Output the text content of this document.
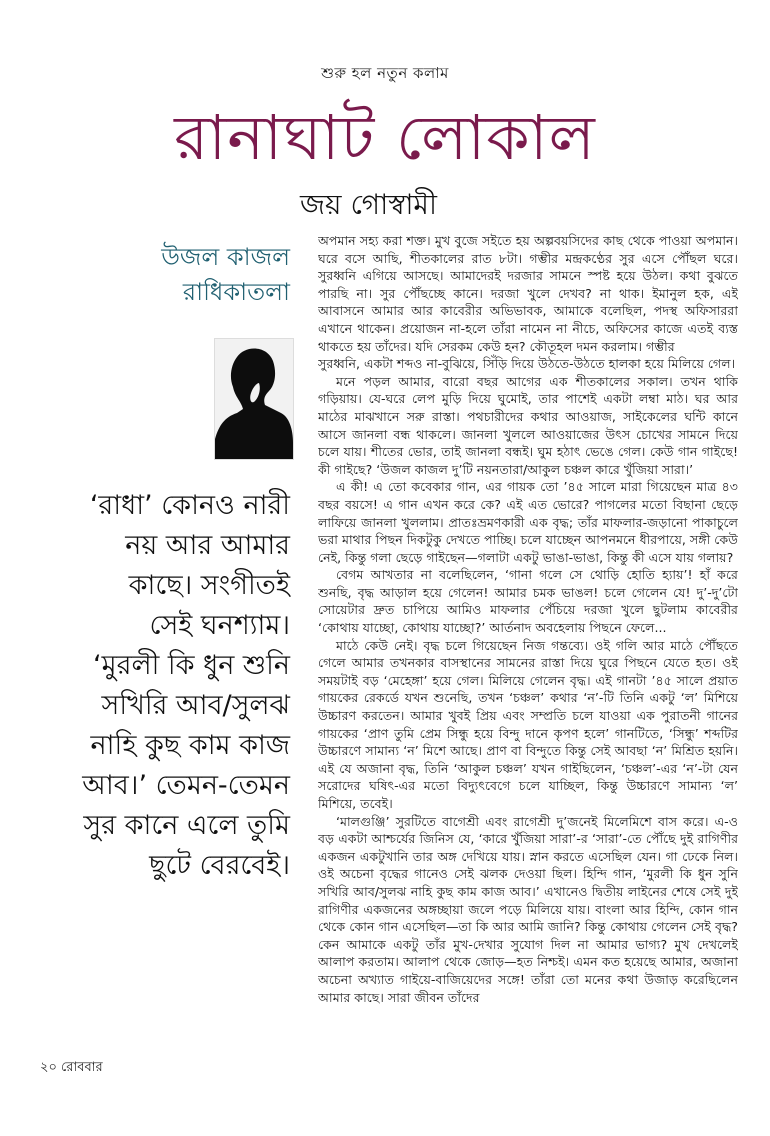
শুরু হল নতুন কলাম
রানাঘাট লোকাল
জয় গোস্বামী
উজল কাজল
রাধিকাতলা
‘রাধা’ কোনও নারী
নয় আর আমার
কাছে। সংগীতই
সেই ঘনশ্যাম।
‘মুরলী কি ধুন শুনি
সখিরি আব/সুলঝ
নাহি কুছ কাম কাজ
আব।’ তেমন-তেমন
সুর কানে এলে তুমি
ছুটে বেরবেই।

অপমান সহ্য করা শক্ত। মুখ বুজে সইতে হয় অল্পবয়সিদের কাছ থেকে পাওয়া অপমান। ঘরে বসে আছি, শীতকালের রাত ৮টা। গম্ভীর মন্দ্রকণ্ঠের সুর এসে পৌঁছল ঘরে। সুরধ্বনি এগিয়ে আসছে। আমাদেরই দরজার সামনে স্পষ্ট হয়ে উঠল। কথা বুঝতে পারছি না। সুর পৌঁছচ্ছে কানে। দরজা খুলে দেখব? না থাক। ইমানুল হক, এই আবাসনে আমার আর কাবেরীর অভিভাবক, আমাকে বলেছিল, পদস্থ অফিসাররা এখানে থাকেন। প্রয়োজন না-হলে তাঁরা নামেন না নীচে, অফিসের কাজে এতই ব্যস্ত থাকতে হয় তাঁদের। যদি সেরকম কেউ হন? কৌতূহল দমন করলাম। গম্ভীর

সুরধ্বনি, একটা শব্দও না-বুঝিয়ে, সিঁড়ি দিয়ে উঠতে-উঠতে হালকা হয়ে মিলিয়ে গেল।

মনে পড়ল আমার, বারো বছর আগের এক শীতকালের সকাল। তখন থাকি গড়িয়ায়। যে-ঘরে লেপ মুড়ি দিয়ে ঘুমোই, তার পাশেই একটা লম্বা মাঠ। ঘর আর মাঠের মাঝখানে সরু রাস্তা। পথচারীদের কথার আওয়াজ, সাইকেলের ঘন্টি কানে আসে জানলা বন্ধ থাকলে। জানলা খুললে আওয়াজের উৎস চোখের সামনে দিয়ে চলে যায়। শীতের ভোর, তাই জানলা বন্ধই। ঘুম হঠাৎ ভেঙে গেল। কেউ গান গাইছে! কী গাইছে? ‘উজল কাজল দু’টি নয়নতারা/আকুল চঞ্চল কারে খুঁজিয়া সারা।’

এ কী! এ তো কবেকার গান, এর গায়ক তো ’৪৫ সালে মারা গিয়েছেন মাত্র ৪৩ বছর বয়সে! এ গান এখন করে কে? এই এত ভোরে? পাগলের মতো বিছানা ছেড়ে লাফিয়ে জানলা খুললাম। প্রাতঃভ্রমণকারী এক বৃদ্ধ; তাঁর মাফলার-জড়ানো পাকাচুলে ভরা মাথার পিছন দিকটুকু দেখতে পাচ্ছি। চলে যাচ্ছেন আপনমনে ধীরপায়ে, সঙ্গী কেউ নেই, কিন্তু গলা ছেড়ে গাইছেন—গলাটা একটু ভাঙা-ভাঙা, কিন্তু কী এসে যায় গলায়?

বেগম আখতার না বলেছিলেন, ‘গানা গলে সে থোড়ি হোতি হ্যায়’! হাঁ করে শুনছি, বৃদ্ধ আড়াল হয়ে গেলেন! আমার চমক ভাঙল! চলে গেলেন যে! দু’-দু’টো সোয়েটার দ্রুত চাপিয়ে আমিও মাফলার পেঁচিয়ে দরজা খুলে ছুটলাম কাবেরীর ‘কোথায় যাচ্ছো, কোথায় যাচ্ছো?’ আর্তনাদ অবহেলায় পিছনে ফেলে...

মাঠে কেউ নেই। বৃদ্ধ চলে গিয়েছেন নিজ গন্তব্যে। ওই গলি আর মাঠে পৌঁছতে গেলে আমার তখনকার বাসস্থানের সামনের রাস্তা দিয়ে ঘুরে পিছনে যেতে হত। ওই সময়টাই বড় ‘মেহেঙ্গা’ হয়ে গেল। মিলিয়ে গেলেন বৃদ্ধ। এই গানটা ’৪৫ সালে প্রয়াত গায়কের রেকর্ডে যখন শুনেছি, তখন ‘চঞ্চল’ কথার ‘ন’-টি তিনি একটু ‘ল’ মিশিয়ে উচ্চারণ করতেন। আমার খুবই প্রিয় এবং সম্প্রতি চলে যাওয়া এক পুরাতনী গানের গায়কের ‘প্রাণ তুমি প্রেম সিন্ধু হয়ে বিন্দু দানে কৃপণ হলে’ গানটিতে, ‘সিন্ধু’ শব্দটির উচ্চারণে সামান্য ‘ন’ মিশে আছে। প্রাণ বা বিন্দুতে কিন্তু সেই আবছা ‘ন’ মিশ্রিত হয়নি। এই যে অজানা বৃদ্ধ, তিনি ‘আকুল চঞ্চল’ যখন গাইছিলেন, ‘চঞ্চল’-এর ‘ন’-টা যেন সরোদের ঘষিৎ-এর মতো বিদ্যুৎবেগে চলে যাচ্ছিল, কিন্তু উচ্চারণে সামান্য ‘ল’ মিশিয়ে, তবেই।

‘মালগুঞ্জি’ সুরটিতে বাগেশ্রী এবং রাগেশ্রী দু’জনেই মিলেমিশে বাস করে। এ-ও বড় একটা আশ্চর্যের জিনিস যে, ‘কারে খুঁজিয়া সারা’-র ‘সারা’-তে পৌঁছে দুই রাগিণীর একজন একটুখানি তার অঙ্গ দেখিয়ে যায়। স্নান করতে এসেছিল যেন। গা ঢেকে নিল। ওই অচেনা বৃদ্ধের গানেও সেই ঝলক দেওয়া ছিল। হিন্দি গান, ‘মুরলী কি ধুন সুনি সখিরি আব/সুলঝ নাহি কুছ কাম কাজ আব।’ এখানেও দ্বিতীয় লাইনের শেষে সেই দুই রাগিণীর একজনের অঙ্গচ্ছায়া জলে পড়ে মিলিয়ে যায়। বাংলা আর হিন্দি, কোন গান থেকে কোন গান এসেছিল—তা কি আর আমি জানি? কিন্তু কোথায় গেলেন সেই বৃদ্ধ? কেন আমাকে একটু তাঁর মুখ-দেখার সুযোগ দিল না আমার ভাগ্য? মুখ দেখলেই আলাপ করতাম। আলাপ থেকে জোড়—হত নিশ্চই। এমন কত হয়েছে আমার, অজানা অচেনা অখ্যাত গাইয়ে-বাজিয়েদের সঙ্গে! তাঁরা তো মনের কথা উজাড় করেছিলেন আমার কাছে। সারা জীবন তাঁদের

২০ রোববার
